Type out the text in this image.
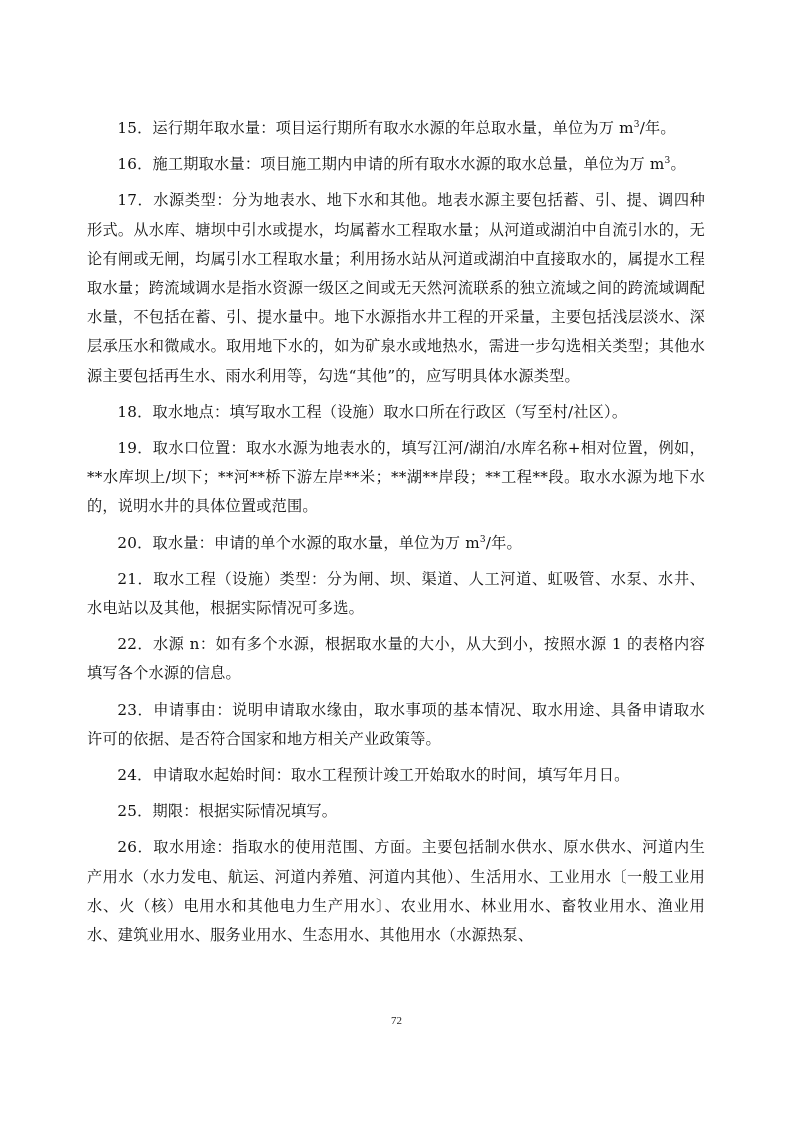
15．运行期年取水量：项目运行期所有取水水源的年总取水量，单位为万 $m^3/$年。

16．施工期取水量：项目施工期内申请的所有取水水源的取水总量，单位为万 $m^3$。

17．水源类型：分为地表水、地下水和其他。地表水源主要包括蓄、引、提、调四种形式。从水库、塘坝中引水或提水，均属蓄水工程取水量；从河道或湖泊中自流引水的，无论有闸或无闸，均属引水工程取水量；利用扬水站从河道或湖泊中直接取水的，属提水工程取水量；跨流域调水是指水资源一级区之间或无天然河流联系的独立流域之间的跨流域调配水量，不包括在蓄、引、提水量中。地下水源指水井工程的开采量，主要包括浅层淡水、深层承压水和微咸水。取用地下水的，如为矿泉水或地热水，需进一步勾选相关类型；其他水源主要包括再生水、雨水利用等，勾选“其他”的，应写明具体水源类型。

18．取水地点：填写取水工程（设施）取水口所在行政区（写至村/社区）。

19．取水口位置：取水水源为地表水的，填写江河/湖泊/水库名称+相对位置，例如，**水库坝上/坝下；**河**桥下游左岸**米；**湖**岸段；**工程**段。取水水源为地下水的，说明水井的具体位置或范围。

20．取水量：申请的单个水源的取水量，单位为万 $m^3/$年。

21．取水工程（设施）类型：分为闸、坝、渠道、人工河道、虹吸管、水泵、水井、水电站以及其他，根据实际情况可多选。

22．水源 n：如有多个水源，根据取水量的大小，从大到小，按照水源 1 的表格内容填写各个水源的信息。

23．申请事由：说明申请取水缘由，取水事项的基本情况、取水用途、具备申请取水许可的依据、是否符合国家和地方相关产业政策等。

24．申请取水起始时间：取水工程预计竣工开始取水的时间，填写年月日。

25．期限：根据实际情况填写。

26．取水用途：指取水的使用范围、方面。主要包括制水供水、原水供水、河道内生产用水（水力发电、航运、河道内养殖、河道内其他）、生活用水、工业用水〔一般工业用水、火（核）电用水和其他电力生产用水〕、农业用水、林业用水、畜牧业用水、渔业用水、建筑业用水、服务业用水、生态用水、其他用水（水源热泵、

72
